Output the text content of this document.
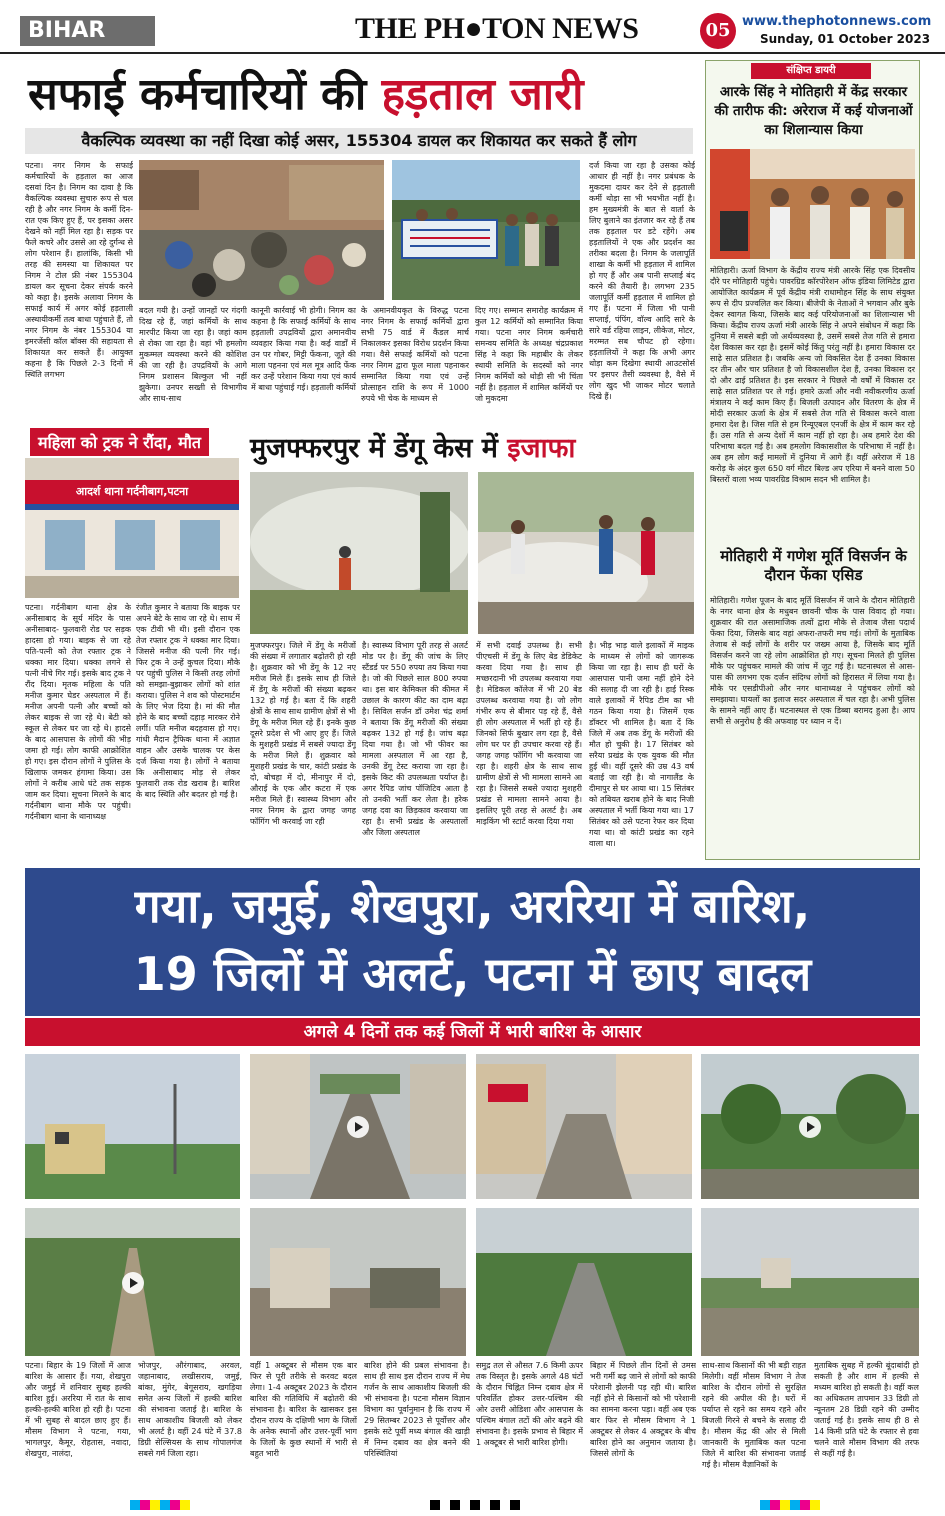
BIHAR	THE PH●TON NEWS	05 www.thephotonnews.com
Sunday, 01 October 2023
सफाई कर्मचारियों की हड़ताल जारी
वैकल्पिक व्यवस्था का नहीं दिखा कोई असर, 155304 डायल कर शिकायत कर सकते हैं लोग
पटना। नगर निगम के सफाई कर्मचारियों के हड़ताल का आज दसवां दिन है। निगम का दावा है कि वैकल्पिक व्यवस्था सुचारु रूप से चल रही है और नगर निगम के कर्मी दिन-रात एक किए हुए हैं, पर इसका असर देखने को नहीं मिल रहा है। सड़क पर फैले कचरे और उससे आ रहे दुर्गन्ध से लोग परेशान हैं। हालांकि, किसी भी तरह की समस्या या शिकायत पर निगम ने टोल फ्री नंबर 155304 डायल कर सूचना देकर संपर्क करने को कहा है। इसके अलावा निगम के सफाई कार्य में अगर कोई हड़ताली अस्थायीकर्मी तत्व बाधा पहुंचाते हैं, तो नगर निगम के नंबर 155304 या इमरजेंसी कॉल बॉक्स की सहायता से शिकायत कर सकते हैं। आयुक्त कहना है कि पिछले 2-3 दिनों में स्थिति लगभग
बदल गयी है। उन्हों जानहों पर गंदगी दिख रहे हैं, जहां कर्मियों के साथ मारपीट किया जा रहा है। जहां काम से रोका जा रहा है। वहां भी हमलोग मुकम्मल व्यवस्था करने की कोशिश की जा रही है। उपद्रवियों के आगे निगम प्रशासन बिल्कुल भी नहीं झुकेगा। उनपर सख्ती से विभागीय और साथ-साथ
कानूनी कार्रवाई भी होगी। निगम का कहना है कि सफाई कर्मियों के साथ हड़ताली उपद्रवियों द्वारा अमानवीय व्यवहार किया गया है। कई वार्डों में उन पर गोबर, मिट्टी फेंकना, जूते की माला पहनना एवं मल मूत्र आदि फेंक कर उन्हें परेशान किया गया एवं कार्य में बाधा पहुंचाई गई। हड़ताली कर्मियों
के अमानवीयकृत के विरुद्ध पटना नगर निगम के सफाई कर्मियों द्वारा सभी 75 वार्ड में कैंडल मार्च निकालकर इसका विरोध प्रदर्शन किया गया। वैसे सफाई कर्मियों को पटना नगर निगम द्वारा फूल माला पहनाकर सम्मानित किया गया एवं उन्हें प्रोत्साहन राशि के रूप में 1000 रुपये भी चेक के माध्यम से
दिए गए। सम्मान समारोह कार्यक्रम में कुल 12 कर्मियों को सम्मानित किया गया। पटना नगर निगम कर्मचारी समन्वय समिति के अध्यक्ष चंद्रप्रकाश सिंह ने कहा कि महाबीर के लेकर स्थायी समिति के सदस्यों को नगर निगम कर्मियों को थोड़ी सी भी चिंता नहीं है। हड़ताल में शामिल कर्मियों पर जो मुकदमा
दर्ज किया जा रहा है उसका कोई आधार ही नहीं है। नगर प्रबंधक के मुकदमा दायर कर देने से हड़ताली कर्मी थोड़ा सा भी भयभीत नहीं है। हम मुख्यमंत्री के बात से वार्ता के लिए बुलाने का इंतजार कर रहे हैं तब तक हड़ताल पर डटे रहेंगे। अब हड़तालियों ने एक और प्रदर्शन का तरीका बदला है। निगम के जलापूर्ति शाखा के कर्मी भी हड़ताल में शामिल हो गए हैं और अब पानी सप्लाई बंद करने की तैयारी है। लगभग 235 जलापूर्ति कर्मी हड़ताल में शामिल हो गए हैं। पटना में जिला भी पानी सप्लाई, पंपिंग, वॉल्व आदि सारे के सारे वर्ड रहिया लाइन, लीकेज, मोटर, मरम्मत सब चौपट हो रहेगा। हड़तालियों ने कहा कि अभी अगर थोड़ा कम दिखेगा स्थायी आउटसोर्स पर इसपर तैसी व्यवस्था है, वैसे में लोग खुद भी जाकर मोटर चलाते दिखे हैं।
संक्षिप्त डायरी
आरके सिंह ने मोतिहारी में केंद्र सरकार की तारीफ की: अरेराज में कई योजनाओं का शिलान्यास किया
मोतिहारी। ऊर्जा विभाग के केंद्रीय राज्य मंत्री आरके सिंह एक दिवसीय दौरे पर मोतिहारी पहुंचे। पावरग्रिड कॉरपोरेशन ऑफ इंडिया लिमिटेड द्वारा आयोजित कार्यक्रम में पूर्व केंद्रीय मंत्री राधामोहन सिंह के साथ संयुक्त रूप से दीप प्रज्वलित कर किया। बीजेपी के नेताओं ने भगवान और बुके देकर स्वागत किया, जिसके बाद कई परियोजनाओं का शिलान्यास भी किया। केंद्रीय राज्य ऊर्जा मंत्री आरके सिंह ने अपने संबोधन में कहा कि दुनिया में सबसे बड़ी जो अर्थव्यवस्था है, उसमें सबसे तेज गति से हमारा देश विकास कर रहा है। इसमें कोई किंतु परंतु नहीं है। हमारा विकास दर साढ़े सात प्रतिशत है। जबकि अन्य जो विकसित देश हैं उनका विकास दर तीन और चार प्रतिशत है जो विकासशील देश हैं, उनका विकास दर दो और ढाई प्रतिशत है। इस सरकार ने पिछले नौ वर्षों में विकास दर साढ़े सात प्रतिशत पर ले गई। हमारे ऊर्जा और नवी नवीकरणीय ऊर्जा मंत्रालय ने कई काम किए हैं। बिजली उत्पादन और वितरण के क्षेत्र में मोदी सरकार ऊर्जा के क्षेत्र में सबसे तेज गति से विकास करने वाला हमारा देश है। जिस गति से हम रिन्यूएबल एनर्जी के क्षेत्र में काम कर रहे हैं। उस गति से अन्य देशों में काम नहीं हो रहा है। अब हमारे देश की परिभाषा बदल गई है। अब हमलोग विकासशील के परिभाषा में नहीं है। अब हम लोग कई मामलों में दुनिया में आगे हैं। वहीं अरेराज में 18 करोड़ के अंदर कुल 650 वर्ग मीटर बिल्ड अप एरिया में बनने वाला 50 बिस्तरों वाला भव्य पावरग्रिड विश्राम सदन भी शामिल है।
मोतिहारी में गणेश मूर्ति विसर्जन के दौरान फेंका एसिड
मोतिहारी। गणेश पूजन के बाद मूर्ति विसर्जन में जाने के दौरान मोतिहारी के नगर थाना क्षेत्र के मधुबन छावनी चौक के पास विवाद हो गया। शुक्रवार की रात असामाजिक तत्वों द्वारा मौके से तेजाब जैसा पदार्थ फेंका दिया, जिसके बाद वहां अफरा-तफरी मच गई। लोगों के मुताबिक तेजाब से कई लोगों के शरीर पर जख्म आया है, जिसके बाद मूर्ति विसर्जन करने जा रहे लोग आक्रोशित हो गए। सूचना मिलते ही पुलिस मौके पर पहुंचकर मामले की जांच में जुट गई है। घटनास्थल से आस-पास की लगभग एक दर्जन संदिग्ध लोगों को हिरासत में लिया गया है। मौके पर एसडीपीओ और नगर थानाध्यक्ष ने पहुंचकर लोगों को समझाया। घायलों का इलाज सदर अस्पताल में चल रहा है। अभी पुलिस के सामने नहीं आए हैं। घटनास्थल से एक डिब्बा बरामद हुआ है। आप सभी से अनुरोध है की अफवाह पर ध्यान न दें।
महिला को ट्रक ने रौंदा, मौत
आदर्श थाना गर्दनीबाग,पटना
पटना। गर्दनीबाग थाना क्षेत्र के अनीसाबाद के सूर्य मंदिर के पास अनीसाबाद- फुलवारी रोड पर सड़क हादसा हो गया। बाइक से जा रहे पति-पत्नी को तेज रफ्तार ट्रक ने धक्का मार दिया। धक्का लगने से पत्नी नीचे गिर गई। इसके बाद ट्रक ने रौंद दिया। मृतक महिला के पति मनीज कुमार घेडर अस्पताल में हैं। मनीज अपनी पत्नी और बच्चों को लेकर बाइक से जा रहे थे। बेटी को स्कूल से लेकर घर जा रहे थे। हादसे के बाद आसपास के लोगों की भीड़ जमा हो गई। लोग काफी आक्रोशित हो गए। इस दौरान लोगों ने पुलिस के खिलाफ जमकर हंगामा किया। उस लोगों ने करीब आधे घंटे तक सड़क जाम कर दिया। सूचना मिलने के बाद गर्दनीबाग थाना मौके पर पहुंची। गर्दनीबाग थाना के थानाध्यक्ष
रंजीत कुमार ने बताया कि बाइक पर अपने बेटे के साथ जा रहे थे। साथ में एक टीवी भी थी। इसी दौरान एक तेज रफ्तार ट्रक ने धक्का मार दिया। जिससे मनीज की पत्नी गिर गई। फिर ट्रक ने उन्हें कुचल दिया। मौके पर पहुंची पुलिस ने किसी तरह लोगों को समझा-बुझाकर लोगों को शांत कराया। पुलिस ने शव को पोस्टमार्टम के लिए भेज दिया है। मां की मौत होने के बाद बच्चों दहाड़ मारकर रोने लगीं। पति मनीज बदहवास हो गए। गांधी मैदान ट्रैफिक थाना में अज्ञात वाहन और उसके चालक पर केस दर्ज किया गया है। लोगों ने बताया कि अनीसाबाद मोड़ से लेकर फुलवारी तक रोड खराब है। बारिश के बाद स्थिति और बदतर हो गई है।
मुजफ्फरपुर में डेंगू केस में इजाफा
मुजफ्फरपुर। जिले में डेंगू के मरीजों की संख्या में लगातार बढ़ोतरी हो रही है। शुक्रवार को भी डेंगू के 12 नए मरीज मिले हैं। इसके साथ ही जिले में डेंगू के मरीजों की संख्या बढ़कर 132 हो गई है। बता दें कि शहरी क्षेत्रों के साथ साथ ग्रामीण क्षेत्रों से भी डेंगू के मरीज मिल रहे हैं। इनके कुछ दूसरे प्रदेश से भी आए हुए हैं। जिले के मुशहरी प्रखंड में सबसे ज्यादा डेंगू के मरीज मिले हैं। शुक्रवार को मुशहरी प्रखंड के चार, कांटी प्रखंड के दो, बोचहा में दो, मीनापुर में दो, औराई के एक और कटरा में एक मरीज मिले हैं। स्वास्थ्य विभाग और नगर निगम के द्वारा जगह जगह फॉगिंग भी करवाई जा रही
है। स्वास्थ्य विभाग पूरी तरह से अलर्ट मोड पर है। डेंगू की जांच के लिए स्टैंडर्ड पर 550 रुपया तय किया गया है। जो की पिछले साल 800 रुपया था। इस बार केमिकल की कीमत में उछाल के कारण कीट का दाम बढ़ा है। सिविल सर्जन डॉ उमेश चंद्र शर्मा ने बताया कि डेंगू मरीजों की संख्या बढ़कर 132 हो गई है। जांच बढ़ा दिया गया है। जो भी फीवर का मामला अस्पताल में आ रहा है, उनकी डेंगू टेस्ट कराया जा रहा है। इसके किट की उपलब्धता पर्याप्त है। अगर रैपिड जांच पॉजिटिव आता है तो उनकी भर्ती कर लेता है। हरेक जगह दवा का छिड़काव करवाया जा रहा है। सभी प्रखंड के अस्पतालों और जिला अस्पताल
में सभी दवाई उपलब्ध है। सभी पीएचसी में डेंगू के लिए बेड डेडिकेट करवा दिया गया है। साथ ही मच्छरदानी भी उपलब्ध करवाया गया है। मेडिकल कॉलेज में भी 20 बेड उपलब्ध करवाया गया है। जो लोग गंभीर रूप से बीमार पड़ रहे हैं, वैसे ही लोग अस्पताल में भर्ती हो रहे हैं। जिनको सिर्फ बुखार लग रहा है, वैसे लोग घर पर ही उपचार करवा रहे हैं। जगह जगह फॉगिंग भी करवाया जा रहा है। शहरी क्षेत्र के साथ साथ ग्रामीण क्षेत्रों से भी मामला सामने आ रहा है। जिससे सबसे ज्यादा मुशहरी प्रखंड से मामला सामने आया है। इसलिए पूरी तरह से अलर्ट है। अब माइकिंग भी स्टार्ट करवा दिया गया
है। भीड़ भाड़ वाले इलाकों में माइक के माध्यम से लोगों को जागरूक किया जा रहा है। साथ ही घरों के आसपास पानी जमा नहीं होने देने की सलाह दी जा रही है। हाई रिस्क वाले इलाकों में रैपिड टीम का भी गठन किया गया है। जिसमें एक डॉक्टर भी शामिल है। बता दें कि जिले में अब तक डेंगू के मरीजों की मौत हो चुकी है। 17 सितंबर को सरैया प्रखंड के एक युवक की मौत हुई थी। वहीं दूसरे की उम्र 43 वर्ष बताई जा रही है। वो नागालैंड के दीमापुर से घर आया था। 15 सितंबर को तबियत खराब होने के बाद निजी अस्पताल में भर्ती किया गया था। 17 सितंबर को उसे पटना रेफर कर दिया गया था। वो कांटी प्रखंड का रहने वाला था।
गया, जमुई, शेखपुरा, अररिया में बारिश,
19 जिलों में अलर्ट, पटना में छाए बादल
अगले 4 दिनों तक कई जिलों में भारी बारिश के आसार
पटना। बिहार के 19 जिलों में आज बारिश के आसार हैं। गया, शेखपुरा और जमुई में शनिवार सुबह हल्की बारिश हुई। अररिया में रात के साथ हल्की-हल्की बारिश हो रही है। पटना में भी सुबह से बादल छाए हुए हैं। मौसम विभाग ने पटना, गया, भागलपुर, कैमूर, रोहतास, नवादा, शेखपुरा, नालंदा,
भोजपुर, औरंगाबाद, अरवल, जहानाबाद, लखीसराय, जमुई, बांका, मुंगेर, बेगूसराय, खगड़िया समेत अन्य जिलों में हल्की बारिश की संभावना जताई है। बारिश के साथ आकाशीय बिजली को लेकर भी अलर्ट है। वहीं 24 घंटे में 37.8 डिग्री सेल्सियस के साथ गोपालगंज सबसे गर्म जिला रहा।
वहीं 1 अक्टूबर से मौसम एक बार फिर से पूरी तरीके से करवट बदल लेगा। 1-4 अक्टूबर 2023 के दौरान बारिश की गतिविधि में बढ़ोतरी की संभावना है। बारिश के खासकर इस दौरान राज्य के दक्षिणी भाग के जिलों के अनेक स्थानों और उत्तर-पूर्वी भाग के जिलों के कुछ स्थानों में भारी से बहुत भारी
बारिश होने की प्रबल संभावना है। साथ ही साथ इस दौरान राज्य में मेघ गर्जन के साथ आकाशीय बिजली की भी संभावना है। पटना मौसम विज्ञान विभाग का पूर्वानुमान है कि राज्य में 29 सितम्बर 2023 से पूर्वोत्तर और इसके सटे पूर्वी मध्य बंगाल की खाड़ी में निम्न दबाव का क्षेत्र बनने की परिस्थितियां
समुद्र तल से औसत 7.6 किमी ऊपर तक विस्तृत है। इसके अगले 48 घंटों के दौरान चिह्नित निम्न दबाव क्षेत्र में परिवर्तित होकर उत्तर-पश्चिम की ओर उत्तरी ओडिशा और आसपास के पश्चिम बंगाल तटों की ओर बढ़ने की संभावना है। इसके प्रभाव से बिहार में 1 अक्टूबर से भारी बारिश होगी।
बिहार में पिछले तीन दिनों से उमस भरी गर्मी बढ़ जाने से लोगों को काफी परेशानी झेलनी पड़ रही थी। बारिश नहीं होने से किसानों को भी परेशानी का सामना करना पड़ा। वहीं अब एक बार फिर से मौसम विभाग ने 1 अक्टूबर से लेकर 4 अक्टूबर के बीच बारिश होने का अनुमान जताया है। जिससे लोगों के
साथ-साथ किसानों की भी बड़ी राहत मिलेगी। वहीं मौसम विभाग ने तेज बारिश के दौरान लोगों से सुरक्षित रहने की अपील की है। घरों में पर्याप्त से रहने का समय रहने और बिजली गिरने से बचने के सलाह दी है। मौसम केंद्र की ओर से मिली जानकारी के मुताबिक कल पटना जिले में बारिश की संभावना जताई गई है। मौसम वैज्ञानिकों के
मुताबिक सुबह में हल्की बूंदाबांदी हो सकती है और शाम में हल्की से मध्यम बारिश हो सकती है। वहीं कल का अधिकतम तापमान 33 डिग्री तो न्यूनतम 28 डिग्री रहने की उम्मीद जताई गई है। इसके साथ ही 8 से 14 किमी प्रति घंटे के रफ्तार से हवा चलने वाले मौसम विभाग की तरफ से कहीं गई है।
